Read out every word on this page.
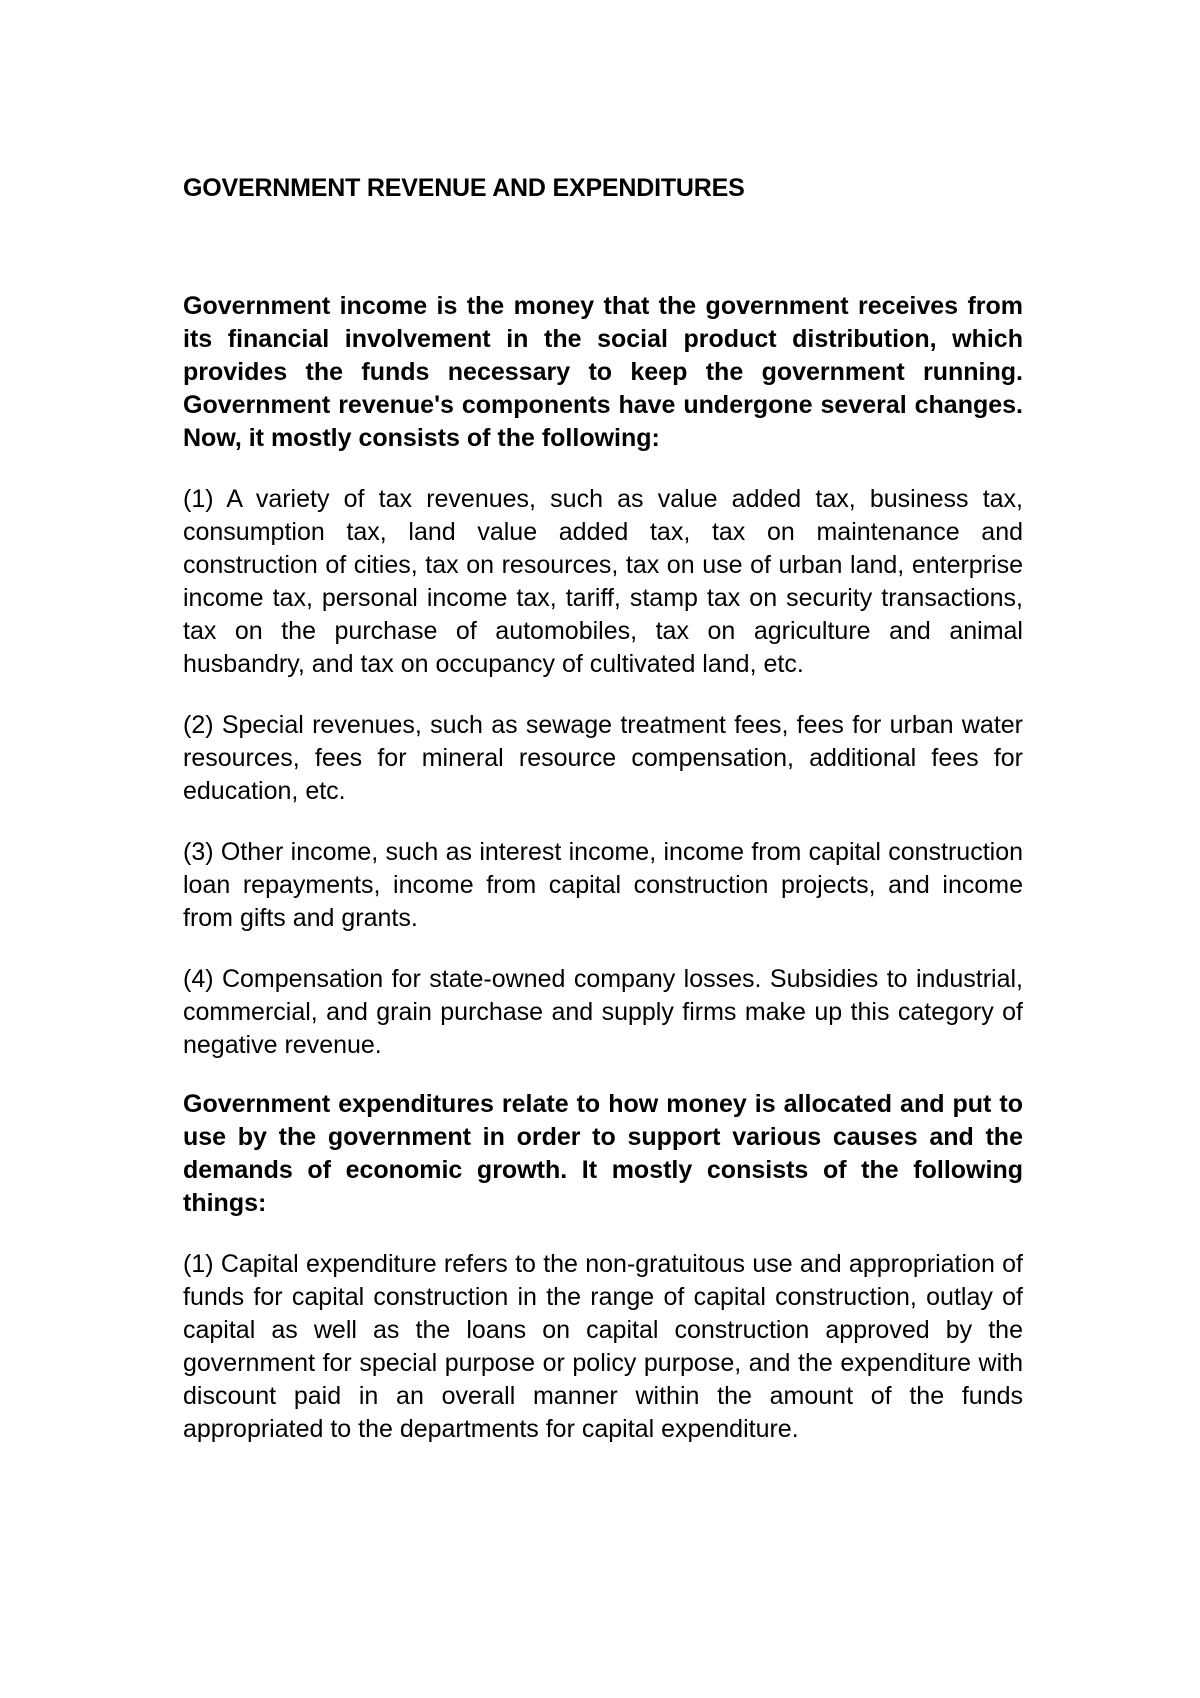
GOVERNMENT REVENUE AND EXPENDITURES

Government income is the money that the government receives from its financial involvement in the social product distribution, which provides the funds necessary to keep the government running. Government revenue's components have undergone several changes. Now, it mostly consists of the following:

(1) A variety of tax revenues, such as value added tax, business tax, consumption tax, land value added tax, tax on maintenance and construction of cities, tax on resources, tax on use of urban land, enterprise income tax, personal income tax, tariff, stamp tax on security transactions, tax on the purchase of automobiles, tax on agriculture and animal husbandry, and tax on occupancy of cultivated land, etc.

(2) Special revenues, such as sewage treatment fees, fees for urban water resources, fees for mineral resource compensation, additional fees for education, etc.

(3) Other income, such as interest income, income from capital construction loan repayments, income from capital construction projects, and income from gifts and grants.

(4) Compensation for state-owned company losses. Subsidies to industrial, commercial, and grain purchase and supply firms make up this category of negative revenue.

Government expenditures relate to how money is allocated and put to use by the government in order to support various causes and the demands of economic growth. It mostly consists of the following things:

(1) Capital expenditure refers to the non-gratuitous use and appropriation of funds for capital construction in the range of capital construction, outlay of capital as well as the loans on capital construction approved by the government for special purpose or policy purpose, and the expenditure with discount paid in an overall manner within the amount of the funds appropriated to the departments for capital expenditure.
